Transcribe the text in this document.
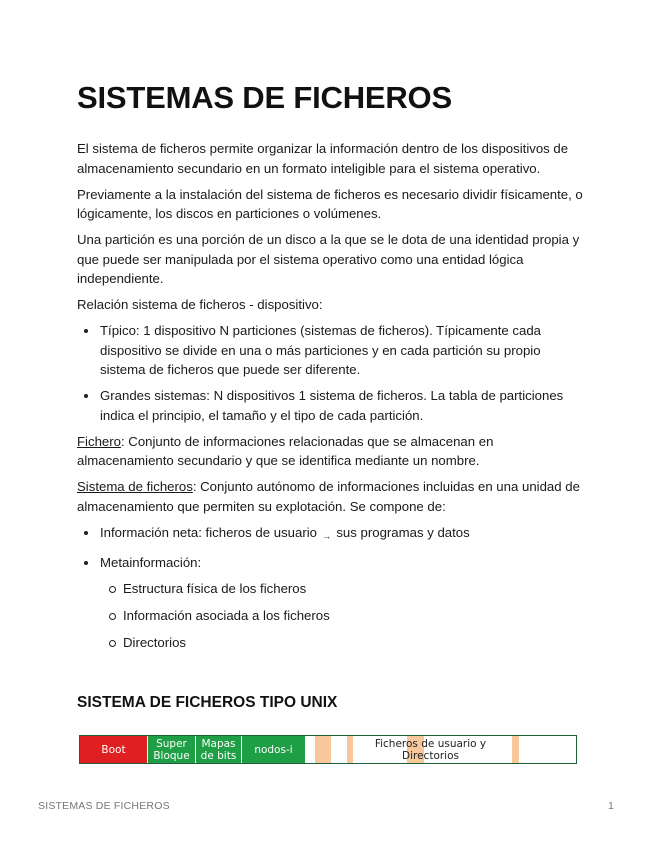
SISTEMAS DE FICHEROS

El sistema de ficheros permite organizar la información dentro de los dispositivos de almacenamiento secundario en un formato inteligible para el sistema operativo.

Previamente a la instalación del sistema de ficheros es necesario dividir físicamente, o lógicamente, los discos en particiones o volúmenes.

Una partición es una porción de un disco a la que se le dota de una identidad propia y que puede ser manipulada por el sistema operativo como una entidad lógica independiente.

Relación sistema de ficheros - dispositivo:

Típico: 1 dispositivo N particiones (sistemas de ficheros). Típicamente cada dispositivo se divide en una o más particiones y en cada partición su propio sistema de ficheros que puede ser diferente.
Grandes sistemas: N dispositivos 1 sistema de ficheros. La tabla de particiones indica el principio, el tamaño y el tipo de cada partición.

Fichero: Conjunto de informaciones relacionadas que se almacenan en almacenamiento secundario y que se identifica mediante un nombre.

Sistema de ficheros: Conjunto autónomo de informaciones incluidas en una unidad de almacenamiento que permiten su explotación. Se compone de:

Información neta: ficheros de usuario → sus programas y datos
Metainformación:
Estructura física de los ficheros
Información asociada a los ficheros
Directorios
SISTEMA DE FICHEROS TIPO UNIX
Boot	Super
Bloque
Mapas
de bits nodos-i	Ficheros de usuario y
Directorios
SISTEMAS DE FICHEROS	1
